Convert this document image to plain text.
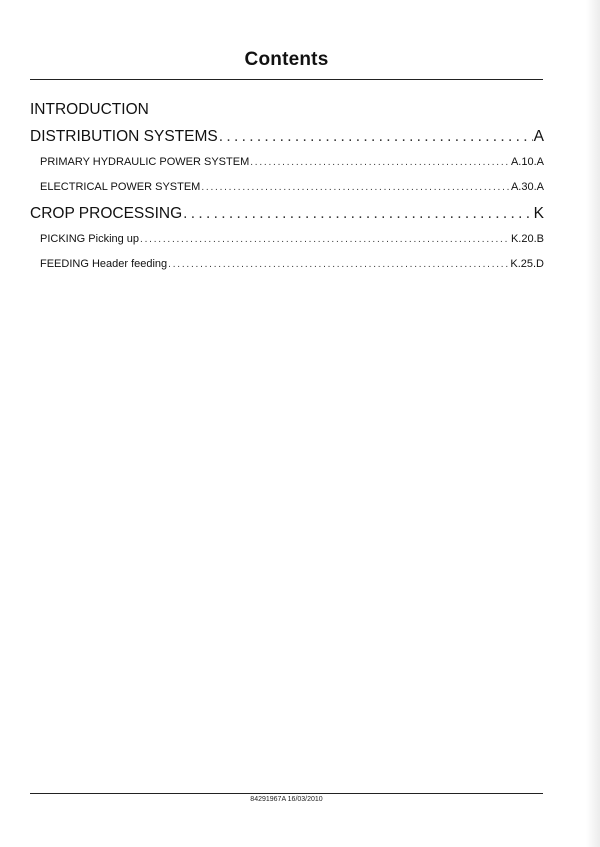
Contents
INTRODUCTION
DISTRIBUTION SYSTEMS . . .	A
PRIMARY HYDRAULIC POWER SYSTEM . . .	A.10.A
ELECTRICAL POWER SYSTEM . . .	A.30.A
CROP PROCESSING . . .	K
PICKING Picking up . . .	K.20.B
FEEDING Header feeding . . .	K.25.D
84291967A 16/03/2010
